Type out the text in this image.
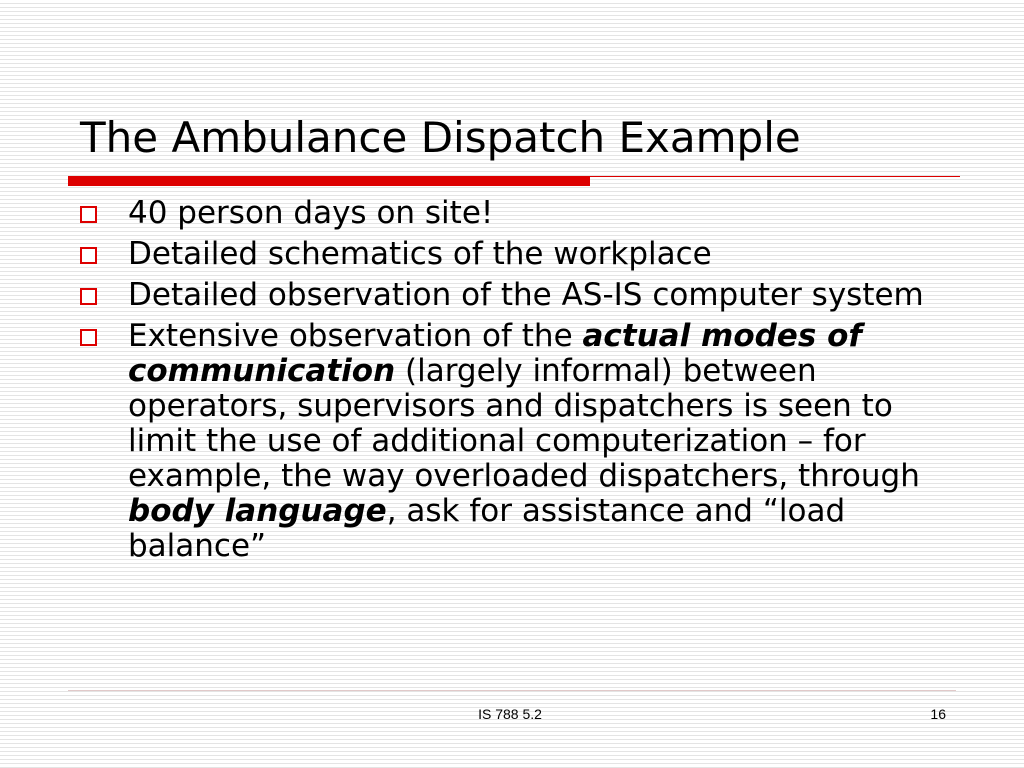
The Ambulance Dispatch Example
40 person days on site!
Detailed schematics of the workplace
Detailed observation of the AS-IS computer system
Extensive observation of the actual modes of communication (largely informal) between operators, supervisors and dispatchers is seen to limit the use of additional computerization – for example, the way overloaded dispatchers, through body language, ask for assistance and “load balance”
IS 788 5.2	16
